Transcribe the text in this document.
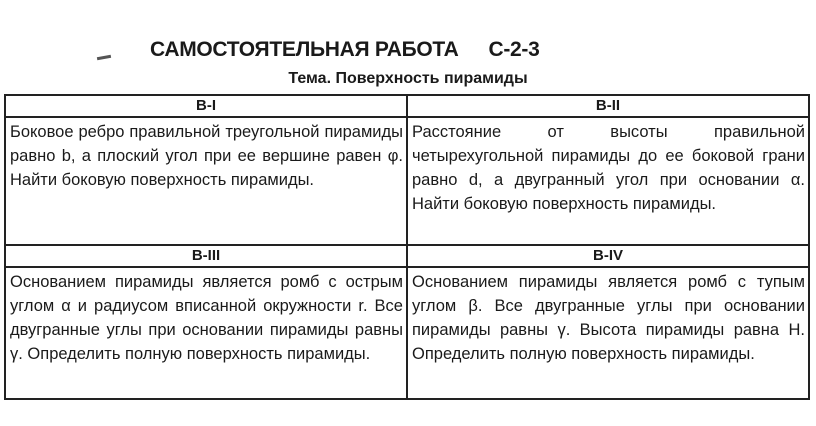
САМОСТОЯТЕЛЬНАЯ РАБОТА С-2-3
Тема. Поверхность пирамиды
В-I	В-II

Боковое ребро правильной треугольной пирамиды равно b, а плоский угол при ее вершине равен φ. Найти боковую поверхность пирамиды.	Расстояние от высоты правильной четырехугольной пирамиды до ее боковой грани равно d, а двугранный угол при основании α. Найти боковую поверхность пирамиды.

В-III	В-IV

Основанием пирамиды является ромб с острым углом α и радиусом вписанной окружности r. Все двугранные углы при основании пирамиды равны γ. Определить полную поверхность пирамиды.	Основанием пирамиды является ромб с тупым углом β. Все двугранные углы при основании пирамиды равны γ. Высота пирамиды равна H. Определить полную поверхность пирамиды.
